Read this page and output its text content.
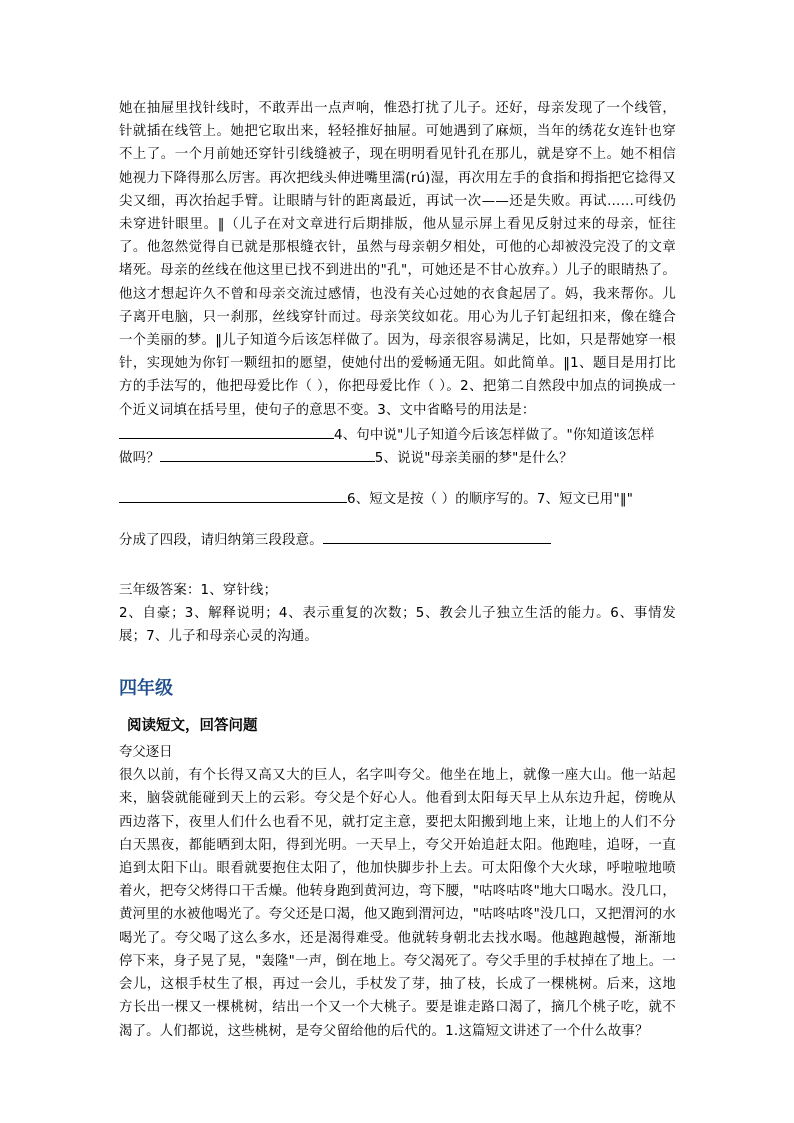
她在抽屉里找针线时，不敢弄出一点声响，惟恐打扰了儿子。还好，母亲发现了一个线管，针就插在线管上。她把它取出来，轻轻推好抽屉。可她遇到了麻烦，当年的绣花女连针也穿不上了。一个月前她还穿针引线缝被子，现在明明看见针孔在那儿，就是穿不上。她不相信她视力下降得那么厉害。再次把线头伸进嘴里濡(rú)湿，再次用左手的食指和拇指把它捻得又尖又细，再次抬起手臂。让眼睛与针的距离最近，再试一次——还是失败。再试……可线仍未穿进针眼里。‖（儿子在对文章进行后期排版，他从显示屏上看见反射过来的母亲，怔往了。他忽然觉得自已就是那根缝衣针，虽然与母亲朝夕相处，可他的心却被没完没了的文章堵死。母亲的丝线在他这里已找不到进出的"孔"，可她还是不甘心放弃。）儿子的眼睛热了。他这才想起许久不曾和母亲交流过感情，也没有关心过她的衣食起居了。妈，我来帮你。儿子离开电脑，只一刹那，丝线穿针而过。母亲笑纹如花。用心为儿子钉起纽扣来，像在缝合一个美丽的梦。‖儿子知道今后该怎样做了。因为，母亲很容易满足，比如，只是帮她穿一根针，实现她为你钉一颗纽扣的愿望，使她付出的爱畅通无阻。如此简单。‖1、题目是用打比方的手法写的，他把母爱比作（ ），你把母爱比作（ ）。2、把第二自然段中加点的词换成一个近义词填在括号里，使句子的意思不变。3、文中省略号的用法是：

4、句中说"儿子知道今后该怎样做了。"你知道该怎样

做吗？	5、说说"母亲美丽的梦"是什么？

6、短文是按（ ）的顺序写的。7、短文已用"‖"

分成了四段，请归纳第三段段意。

三年级答案：1、穿针线；

2、自豪；3、解释说明；4、表示重复的次数；5、教会儿子独立生活的能力。6、事情发展；7、儿子和母亲心灵的沟通。

四年级
阅读短文，回答问题

夸父逐日

很久以前，有个长得又高又大的巨人，名字叫夸父。他坐在地上，就像一座大山。他一站起来，脑袋就能碰到天上的云彩。夸父是个好心人。他看到太阳每天早上从东边升起，傍晚从西边落下，夜里人们什么也看不见，就打定主意，要把太阳搬到地上来，让地上的人们不分白天黑夜，都能晒到太阳，得到光明。一天早上，夸父开始追赶太阳。他跑哇，追呀，一直追到太阳下山。眼看就要抱住太阳了，他加快脚步扑上去。可太阳像个大火球，呼啦啦地喷着火，把夸父烤得口干舌燥。他转身跑到黄河边，弯下腰，"咕咚咕咚"地大口喝水。没几口，黄河里的水被他喝光了。夸父还是口渴，他又跑到渭河边，"咕咚咕咚"没几口，又把渭河的水喝光了。夸父喝了这么多水，还是渴得难受。他就转身朝北去找水喝。他越跑越慢，渐渐地停下来，身子晃了晃，"轰隆"一声，倒在地上。夸父渴死了。夸父手里的手杖掉在了地上。一会儿，这根手杖生了根，再过一会儿，手杖发了芽，抽了枝，长成了一棵桃树。后来，这地方长出一棵又一棵桃树，结出一个又一个大桃子。要是谁走路口渴了，摘几个桃子吃，就不渴了。人们都说，这些桃树，是夸父留给他的后代的。1.这篇短文讲述了一个什么故事？
